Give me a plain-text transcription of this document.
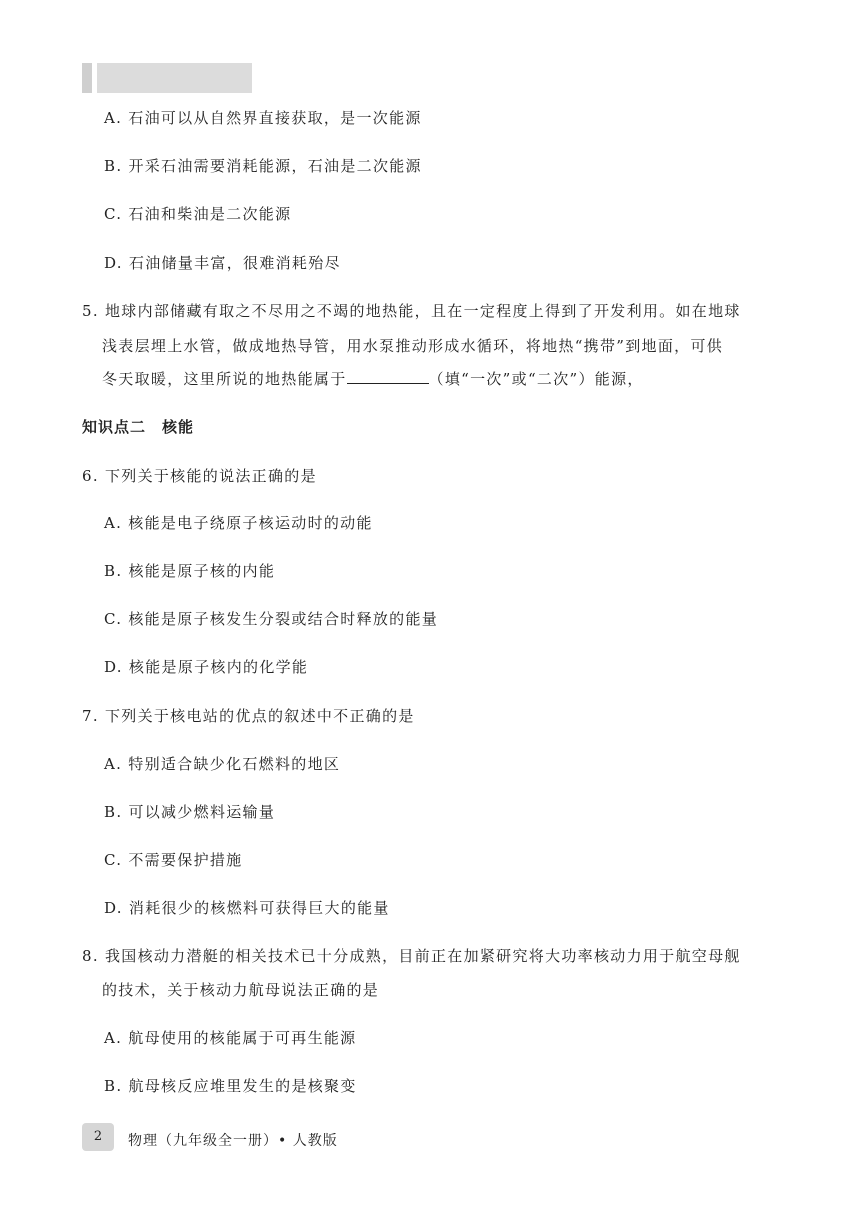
A. 石油可以从自然界直接获取，是一次能源
B. 开采石油需要消耗能源，石油是二次能源
C. 石油和柴油是二次能源
D. 石油储量丰富，很难消耗殆尽
5. 地球内部储藏有取之不尽用之不竭的地热能，且在一定程度上得到了开发利用。如在地球
浅表层埋上水管，做成地热导管，用水泵推动形成水循环，将地热“携带”到地面，可供
冬天取暖，这里所说的地热能属于	（填“一次”或“二次”）能源，
知识点二　核能
6. 下列关于核能的说法正确的是
A. 核能是电子绕原子核运动时的动能
B. 核能是原子核的内能
C. 核能是原子核发生分裂或结合时释放的能量
D. 核能是原子核内的化学能
7. 下列关于核电站的优点的叙述中不正确的是
A. 特别适合缺少化石燃料的地区
B. 可以减少燃料运输量
C. 不需要保护措施
D. 消耗很少的核燃料可获得巨大的能量
8. 我国核动力潜艇的相关技术已十分成熟，目前正在加紧研究将大功率核动力用于航空母舰
的技术，关于核动力航母说法正确的是
A. 航母使用的核能属于可再生能源
B. 航母核反应堆里发生的是核聚变
2	物理（九年级全一册）• 人教版
